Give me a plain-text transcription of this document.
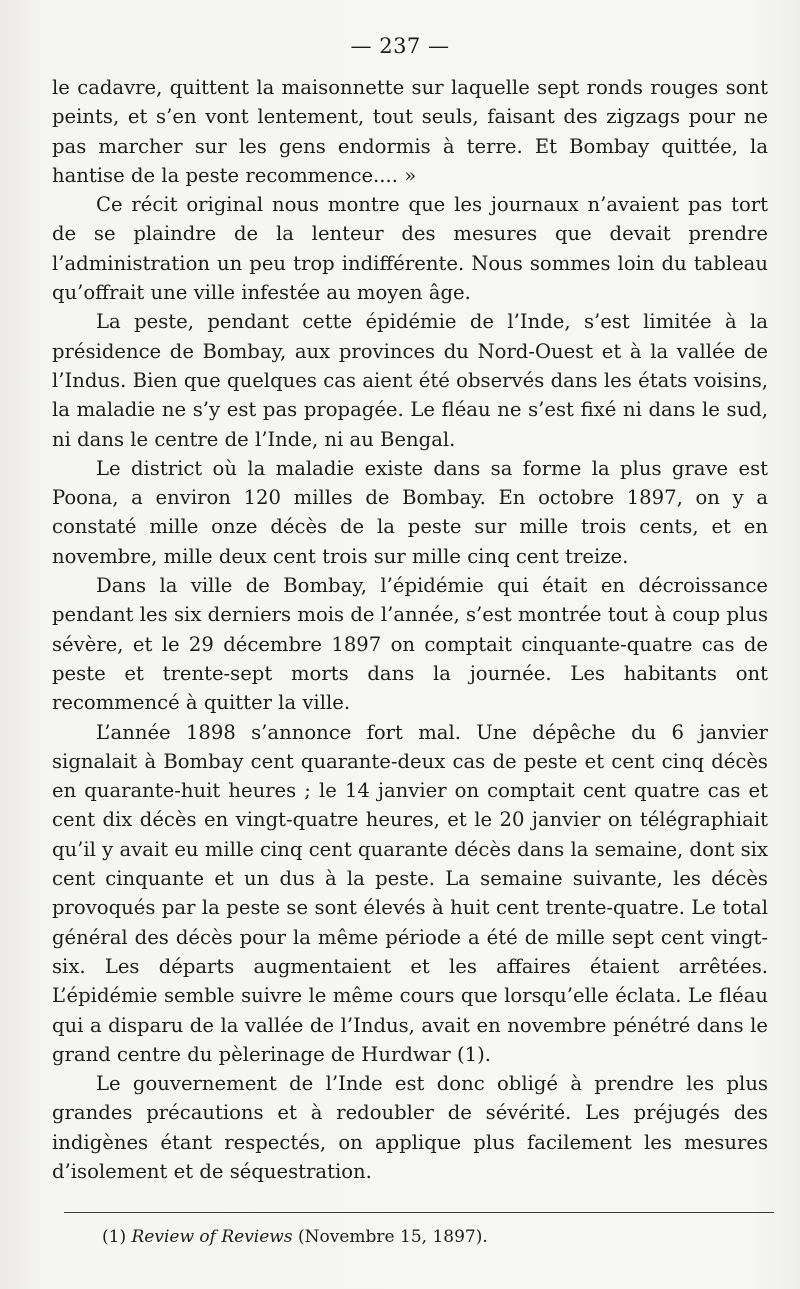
— 237 —

le cadavre, quittent la maisonnette sur laquelle sept ronds rouges sont peints, et s’en vont lentement, tout seuls, faisant des zigzags pour ne pas marcher sur les gens endormis à terre. Et Bombay quittée, la hantise de la peste recommence.... »

Ce récit original nous montre que les journaux n’avaient pas tort de se plaindre de la lenteur des mesures que devait prendre l’administration un peu trop indifférente. Nous sommes loin du tableau qu’offrait une ville infestée au moyen âge.

La peste, pendant cette épidémie de l’Inde, s’est limitée à la présidence de Bombay, aux provinces du Nord-Ouest et à la vallée de l’Indus. Bien que quelques cas aient été observés dans les états voisins, la maladie ne s’y est pas propagée. Le fléau ne s’est fixé ni dans le sud, ni dans le centre de l’Inde, ni au Bengal.

Le district où la maladie existe dans sa forme la plus grave est Poona, a environ 120 milles de Bombay. En octobre 1897, on y a constaté mille onze décès de la peste sur mille trois cents, et en novembre, mille deux cent trois sur mille cinq cent treize.

Dans la ville de Bombay, l’épidémie qui était en décroissance pendant les six derniers mois de l’année, s’est montrée tout à coup plus sévère, et le 29 décembre 1897 on comptait cinquante-quatre cas de peste et trente-sept morts dans la journée. Les habitants ont recommencé à quitter la ville.

L’année 1898 s’annonce fort mal. Une dépêche du 6 janvier signalait à Bombay cent quarante-deux cas de peste et cent cinq décès en quarante-huit heures ; le 14 janvier on comptait cent quatre cas et cent dix décès en vingt-quatre heures, et le 20 janvier on télégraphiait qu’il y avait eu mille cinq cent quarante décès dans la semaine, dont six cent cinquante et un dus à la peste. La semaine suivante, les décès provoqués par la peste se sont élevés à huit cent trente-quatre. Le total général des décès pour la même période a été de mille sept cent vingt-six. Les départs augmentaient et les affaires étaient arrêtées. L’épidémie semble suivre le même cours que lorsqu’elle éclata. Le fléau qui a disparu de la vallée de l’Indus, avait en novembre pénétré dans le grand centre du pèlerinage de Hurdwar (1).

Le gouvernement de l’Inde est donc obligé à prendre les plus grandes précautions et à redoubler de sévérité. Les préjugés des indigènes étant respectés, on applique plus facilement les mesures d’isolement et de séquestration.

(1) Review of Reviews (Novembre 15, 1897).
